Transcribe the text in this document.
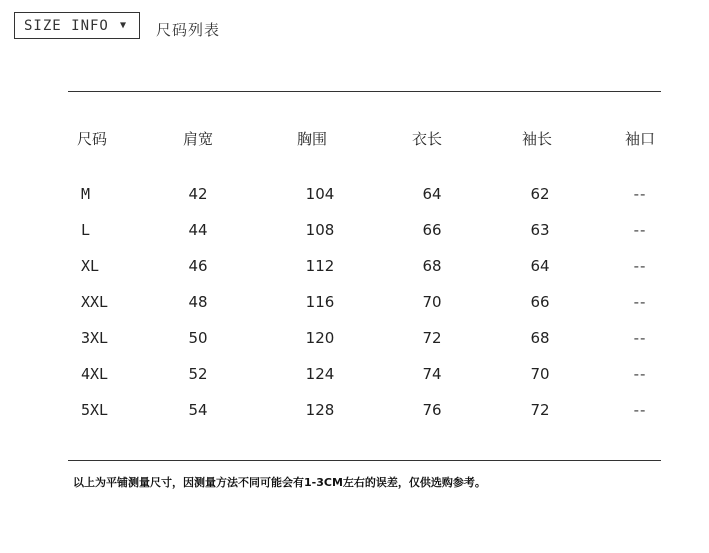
SIZE INFO ▼ 尺码列表
尺码	肩宽	胸围	衣长	袖长	袖口
M	42	104	64	62	--
L	44	108	66	63	--
XL	46	112	68	64	--
XXL	48	116	70	66	--
3XL	50	120	72	68	--
4XL	52	124	74	70	--
5XL	54	128	76	72	--
以上为平铺测量尺寸，因测量方法不同可能会有1-3CM左右的误差，仅供选购参考。
